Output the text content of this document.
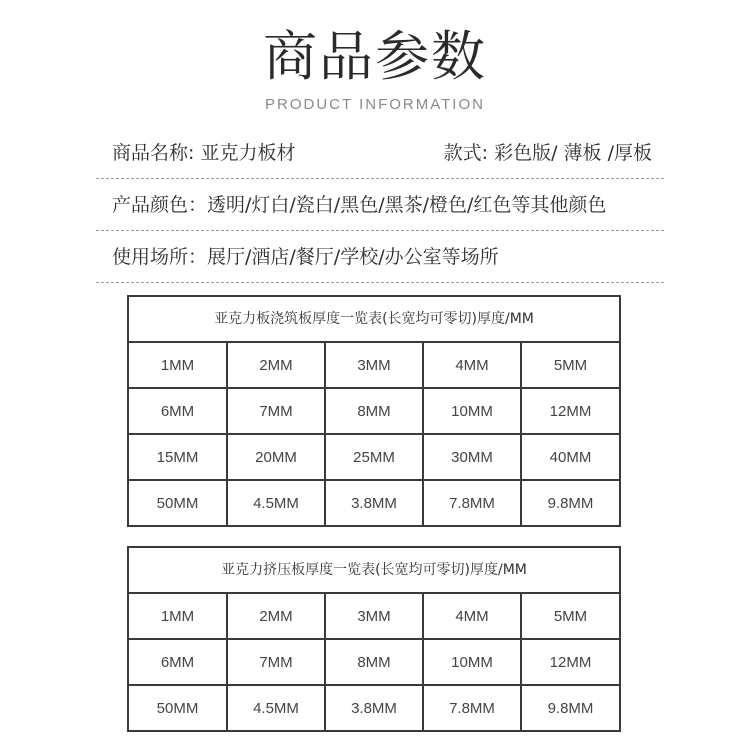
商品参数
PRODUCT INFORMATION
商品名称: 亚克力板材	款式: 彩色版/ 薄板 /厚板
产品颜色：透明/灯白/瓷白/黑色/黑茶/橙色/红色等其他颜色
使用场所：展厅/酒店/餐厅/学校/办公室等场所
亚克力板浇筑板厚度一览表(长宽均可零切)厚度/MM
1MM	2MM	3MM	4MM	5MM
6MM	7MM	8MM	10MM	12MM
15MM	20MM	25MM	30MM	40MM
50MM	4.5MM	3.8MM	7.8MM	9.8MM
亚克力挤压板厚度一览表(长宽均可零切)厚度/MM
1MM	2MM	3MM	4MM	5MM
6MM	7MM	8MM	10MM	12MM
50MM	4.5MM	3.8MM	7.8MM	9.8MM
